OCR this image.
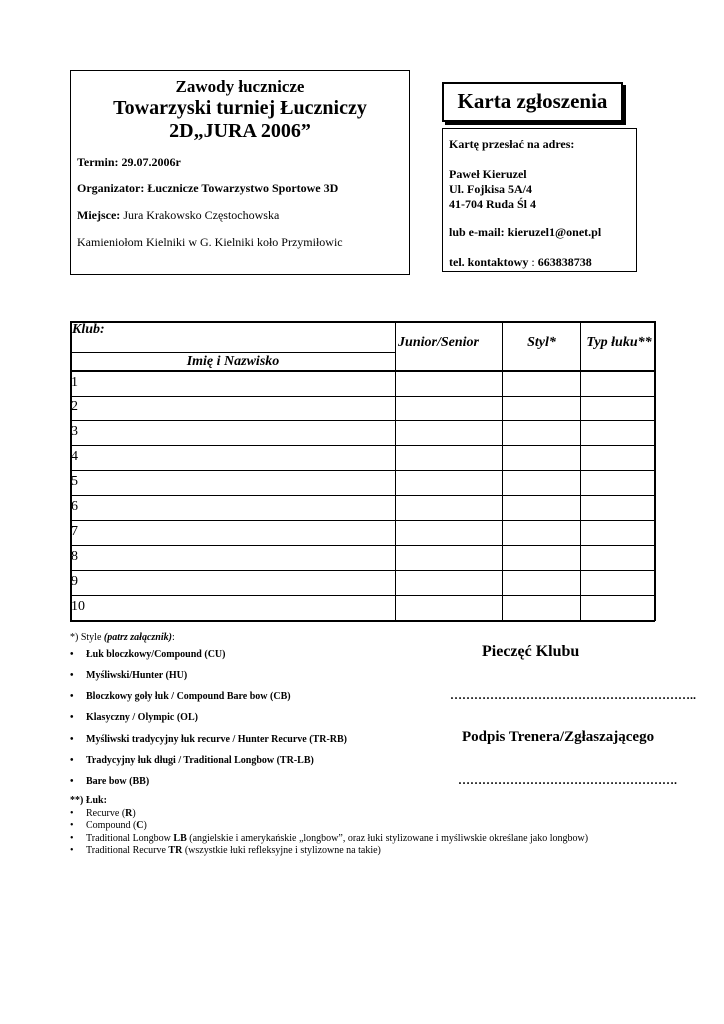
Zawody łucznicze
Towarzyski turniej Łuczniczy
2D„JURA 2006”
Termin: 29.07.2006r
Organizator: Łucznicze Towarzystwo Sportowe 3D
Miejsce: Jura Krakowsko Częstochowska
Kamieniołom Kielniki w G. Kielniki koło Przymiłowic
Karta zgłoszenia
Kartę przesłać na adres:
Paweł Kieruzel
Ul. Fojkisa 5A/4
41-704 Ruda Śl 4
lub e-mail: kieruzel1@onet.pl
tel. kontaktowy : 663838738
Klub:
Imię i Nazwisko
Junior/Senior	Styl*	Typ łuku**
1
2
3
4
5
6
7
8
9
10
*) Style (patrz załącznik):
• Łuk bloczkowy/Compound (CU)
• Myśliwski/Hunter (HU)
• Bloczkowy goły łuk / Compound Bare bow (CB)
• Klasyczny / Olympic (OL)
• Myśliwski tradycyjny łuk recurve / Hunter Recurve (TR-RB)
• Tradycyjny łuk długi / Traditional Longbow (TR-LB)
• Bare bow (BB)
**) Łuk:
• Recurve (R)
• Compound (C)
• Traditional Longbow LB (angielskie i amerykańskie „longbow”, oraz łuki stylizowane i myśliwskie określane jako longbow)
• Traditional Recurve TR (wszystkie łuki refleksyjne i stylizowne na takie)
Pieczęć Klubu
……………………………………………………..
Podpis Trenera/Zgłaszającego
……………………………………………….
